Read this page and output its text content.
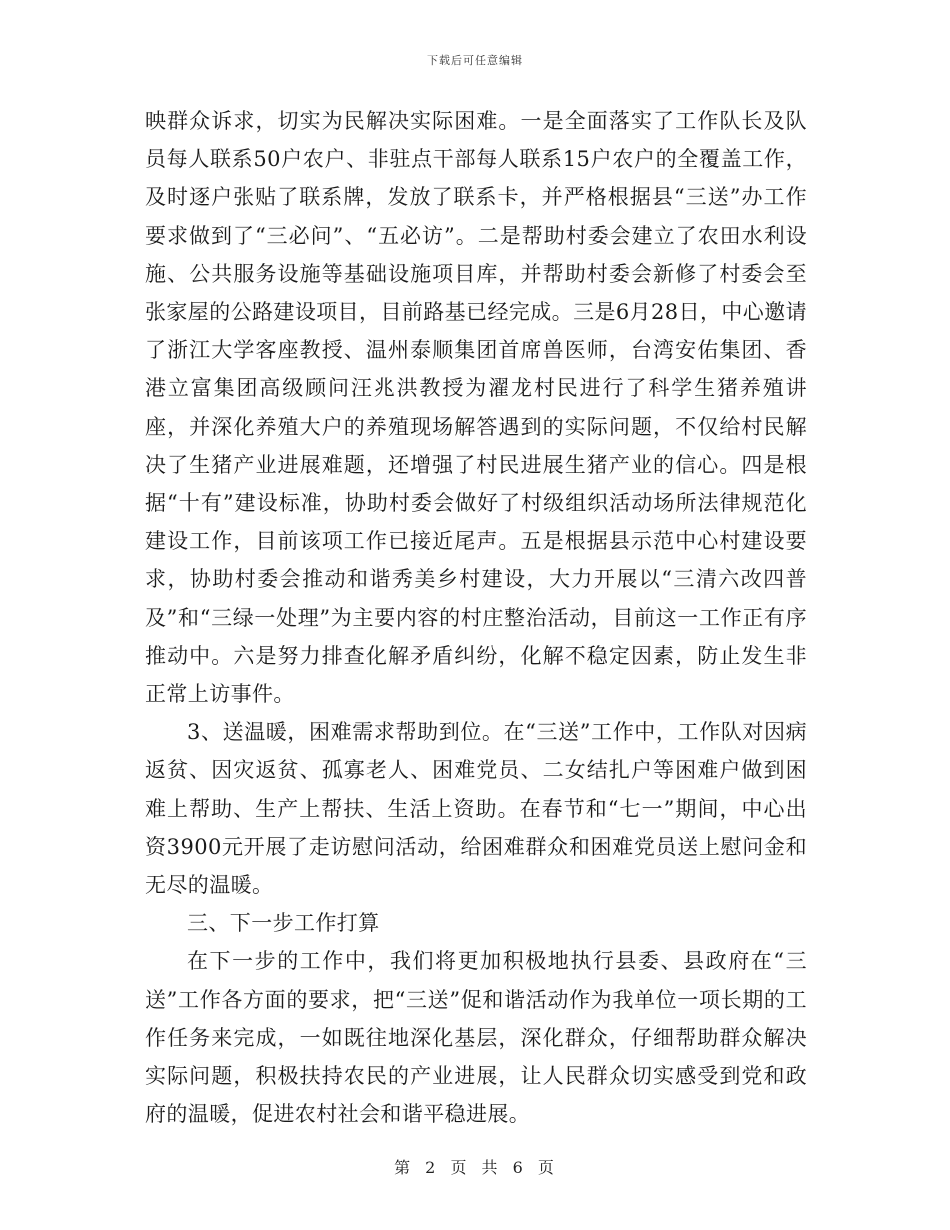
下载后可任意编辑

映群众诉求，切实为民解决实际困难。一是全面落实了工作队长及队员每人联系50户农户、非驻点干部每人联系15户农户的全覆盖工作，及时逐户张贴了联系牌，发放了联系卡，并严格根据县“三送”办工作要求做到了“三必问”、“五必访”。二是帮助村委会建立了农田水利设施、公共服务设施等基础设施项目库，并帮助村委会新修了村委会至张家屋的公路建设项目，目前路基已经完成。三是6月28日，中心邀请了浙江大学客座教授、温州泰顺集团首席兽医师，台湾安佑集团、香港立富集团高级顾问汪兆洪教授为濯龙村民进行了科学生猪养殖讲座，并深化养殖大户的养殖现场解答遇到的实际问题，不仅给村民解决了生猪产业进展难题，还增强了村民进展生猪产业的信心。四是根据“十有”建设标准，协助村委会做好了村级组织活动场所法律规范化建设工作，目前该项工作已接近尾声。五是根据县示范中心村建设要求，协助村委会推动和谐秀美乡村建设，大力开展以“三清六改四普及”和“三绿一处理”为主要内容的村庄整治活动，目前这一工作正有序推动中。六是努力排查化解矛盾纠纷，化解不稳定因素，防止发生非正常上访事件。

3、送温暖，困难需求帮助到位。在“三送”工作中，工作队对因病返贫、因灾返贫、孤寡老人、困难党员、二女结扎户等困难户做到困难上帮助、生产上帮扶、生活上资助。在春节和“七一”期间，中心出资3900元开展了走访慰问活动，给困难群众和困难党员送上慰问金和无尽的温暖。

三、下一步工作打算

在下一步的工作中，我们将更加积极地执行县委、县政府在“三送”工作各方面的要求，把“三送”促和谐活动作为我单位一项长期的工作任务来完成，一如既往地深化基层，深化群众，仔细帮助群众解决实际问题，积极扶持农民的产业进展，让人民群众切实感受到党和政府的温暖，促进农村社会和谐平稳进展。

第 2 页 共 6 页
